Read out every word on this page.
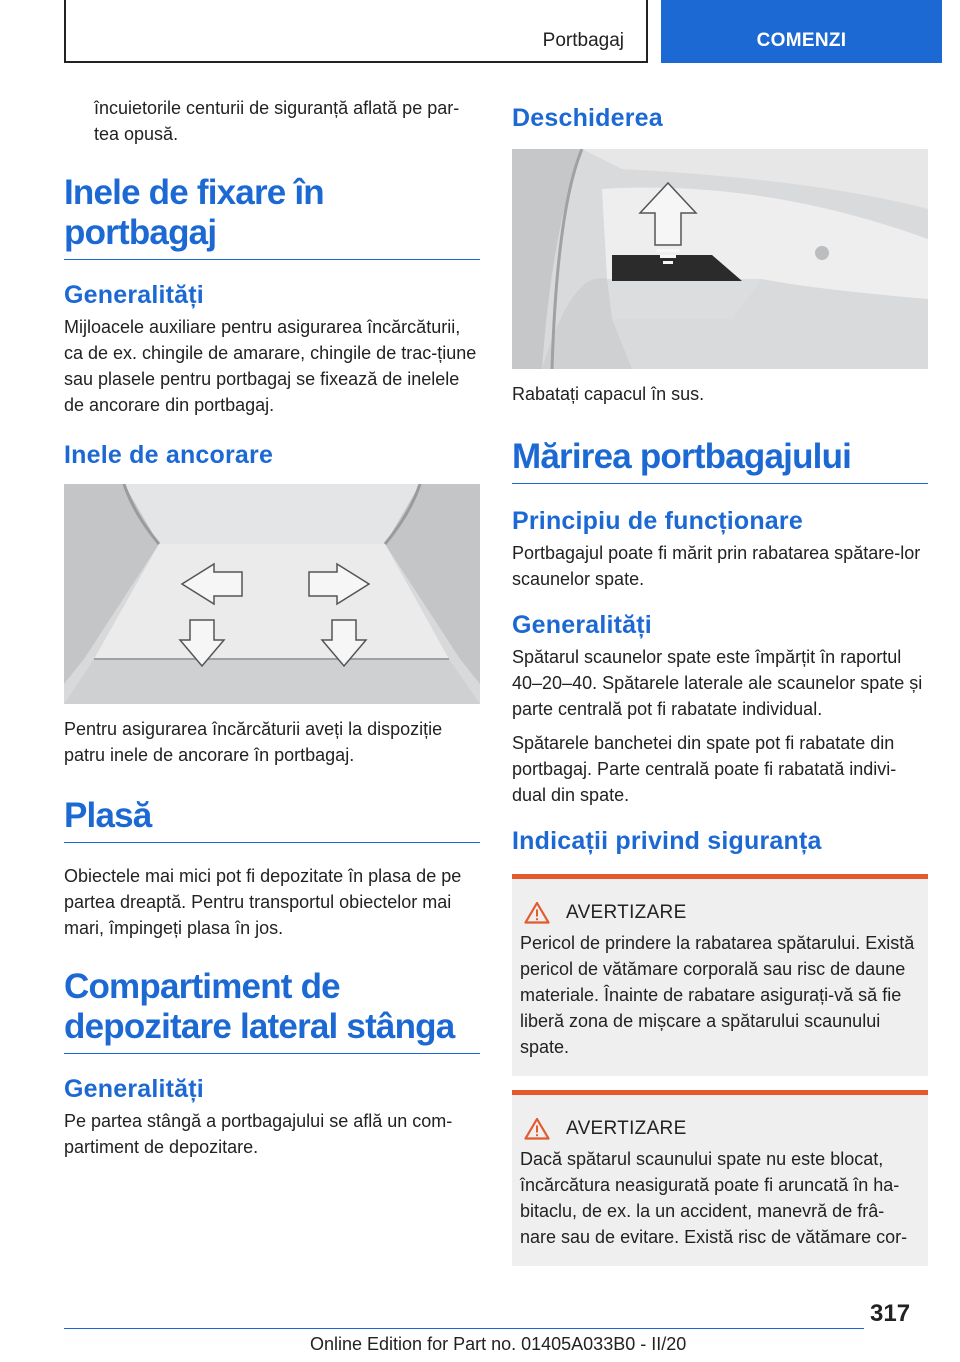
Portbagaj	COMENZI

încuietorile centurii de siguranță aflată pe par-tea opusă.

Inele de fixare în portbagaj
Generalități

Mijloacele auxiliare pentru asigurarea încărcăturii, ca de ex. chingile de amarare, chingile de trac-țiune sau plasele pentru portbagaj se fixează de inelele de ancorare din portbagaj.

Inele de ancorare

Pentru asigurarea încărcăturii aveți la dispoziție patru inele de ancorare în portbagaj.

Plasă

Obiectele mai mici pot fi depozitate în plasa de pe partea dreaptă. Pentru transportul obiectelor mai mari, împingeți plasa în jos.

Compartiment de depozitare lateral stânga
Generalități

Pe partea stângă a portbagajului se află un com-partiment de depozitare.

Deschiderea

Rabatați capacul în sus.

Mărirea portbagajului
Principiu de funcționare

Portbagajul poate fi mărit prin rabatarea spătare-lor scaunelor spate.

Generalități

Spătarul scaunelor spate este împărțit în raportul 40–20–40. Spătarele laterale ale scaunelor spate și parte centrală pot fi rabatate individual.

Spătarele banchetei din spate pot fi rabatate din portbagaj. Parte centrală poate fi rabatată indivi-dual din spate.

Indicații privind siguranța
AVERTIZARE

Pericol de prindere la rabatarea spătarului. Există pericol de vătămare corporală sau risc de daune materiale. Înainte de rabatare asigurați-vă să fie liberă zona de mișcare a spătarului scaunului spate.

AVERTIZARE

Dacă spătarul scaunului spate nu este blocat, încărcătura neasigurată poate fi aruncată în ha-bitaclu, de ex. la un accident, manevră de frâ-nare sau de evitare. Există risc de vătămare cor-

317
Online Edition for Part no. 01405A033B0 - II/20
